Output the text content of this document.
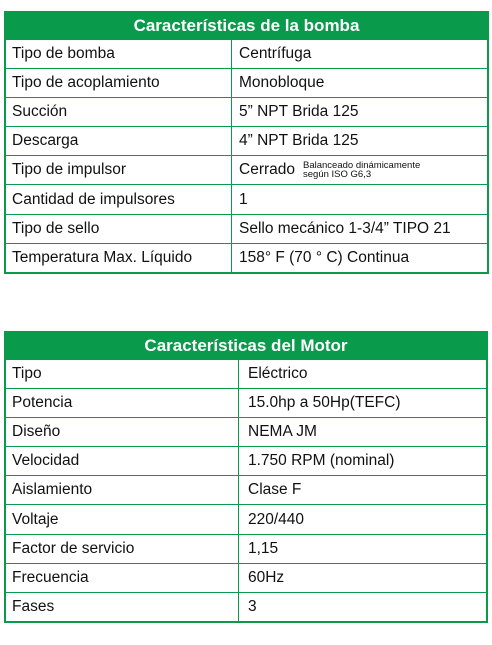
Características de la bomba
Tipo de bomba	Centrífuga
Tipo de acoplamiento	Monobloque
Succión	5” NPT Brida 125
Descarga	4” NPT Brida 125
Tipo de impulsor	Cerrado Balanceado dinámicamente
según ISO G6,3
Cantidad de impulsores	1
Tipo de sello	Sello mecánico 1-3/4” TIPO 21
Temperatura Max. Líquido	158° F (70 ° C) Continua
Características del Motor
Tipo	Eléctrico
Potencia	15.0hp a 50Hp(TEFC)
Diseño	NEMA JM
Velocidad	1.750 RPM (nominal)
Aislamiento	Clase F
Voltaje	220/440
Factor de servicio	1,15
Frecuencia	60Hz
Fases	3
